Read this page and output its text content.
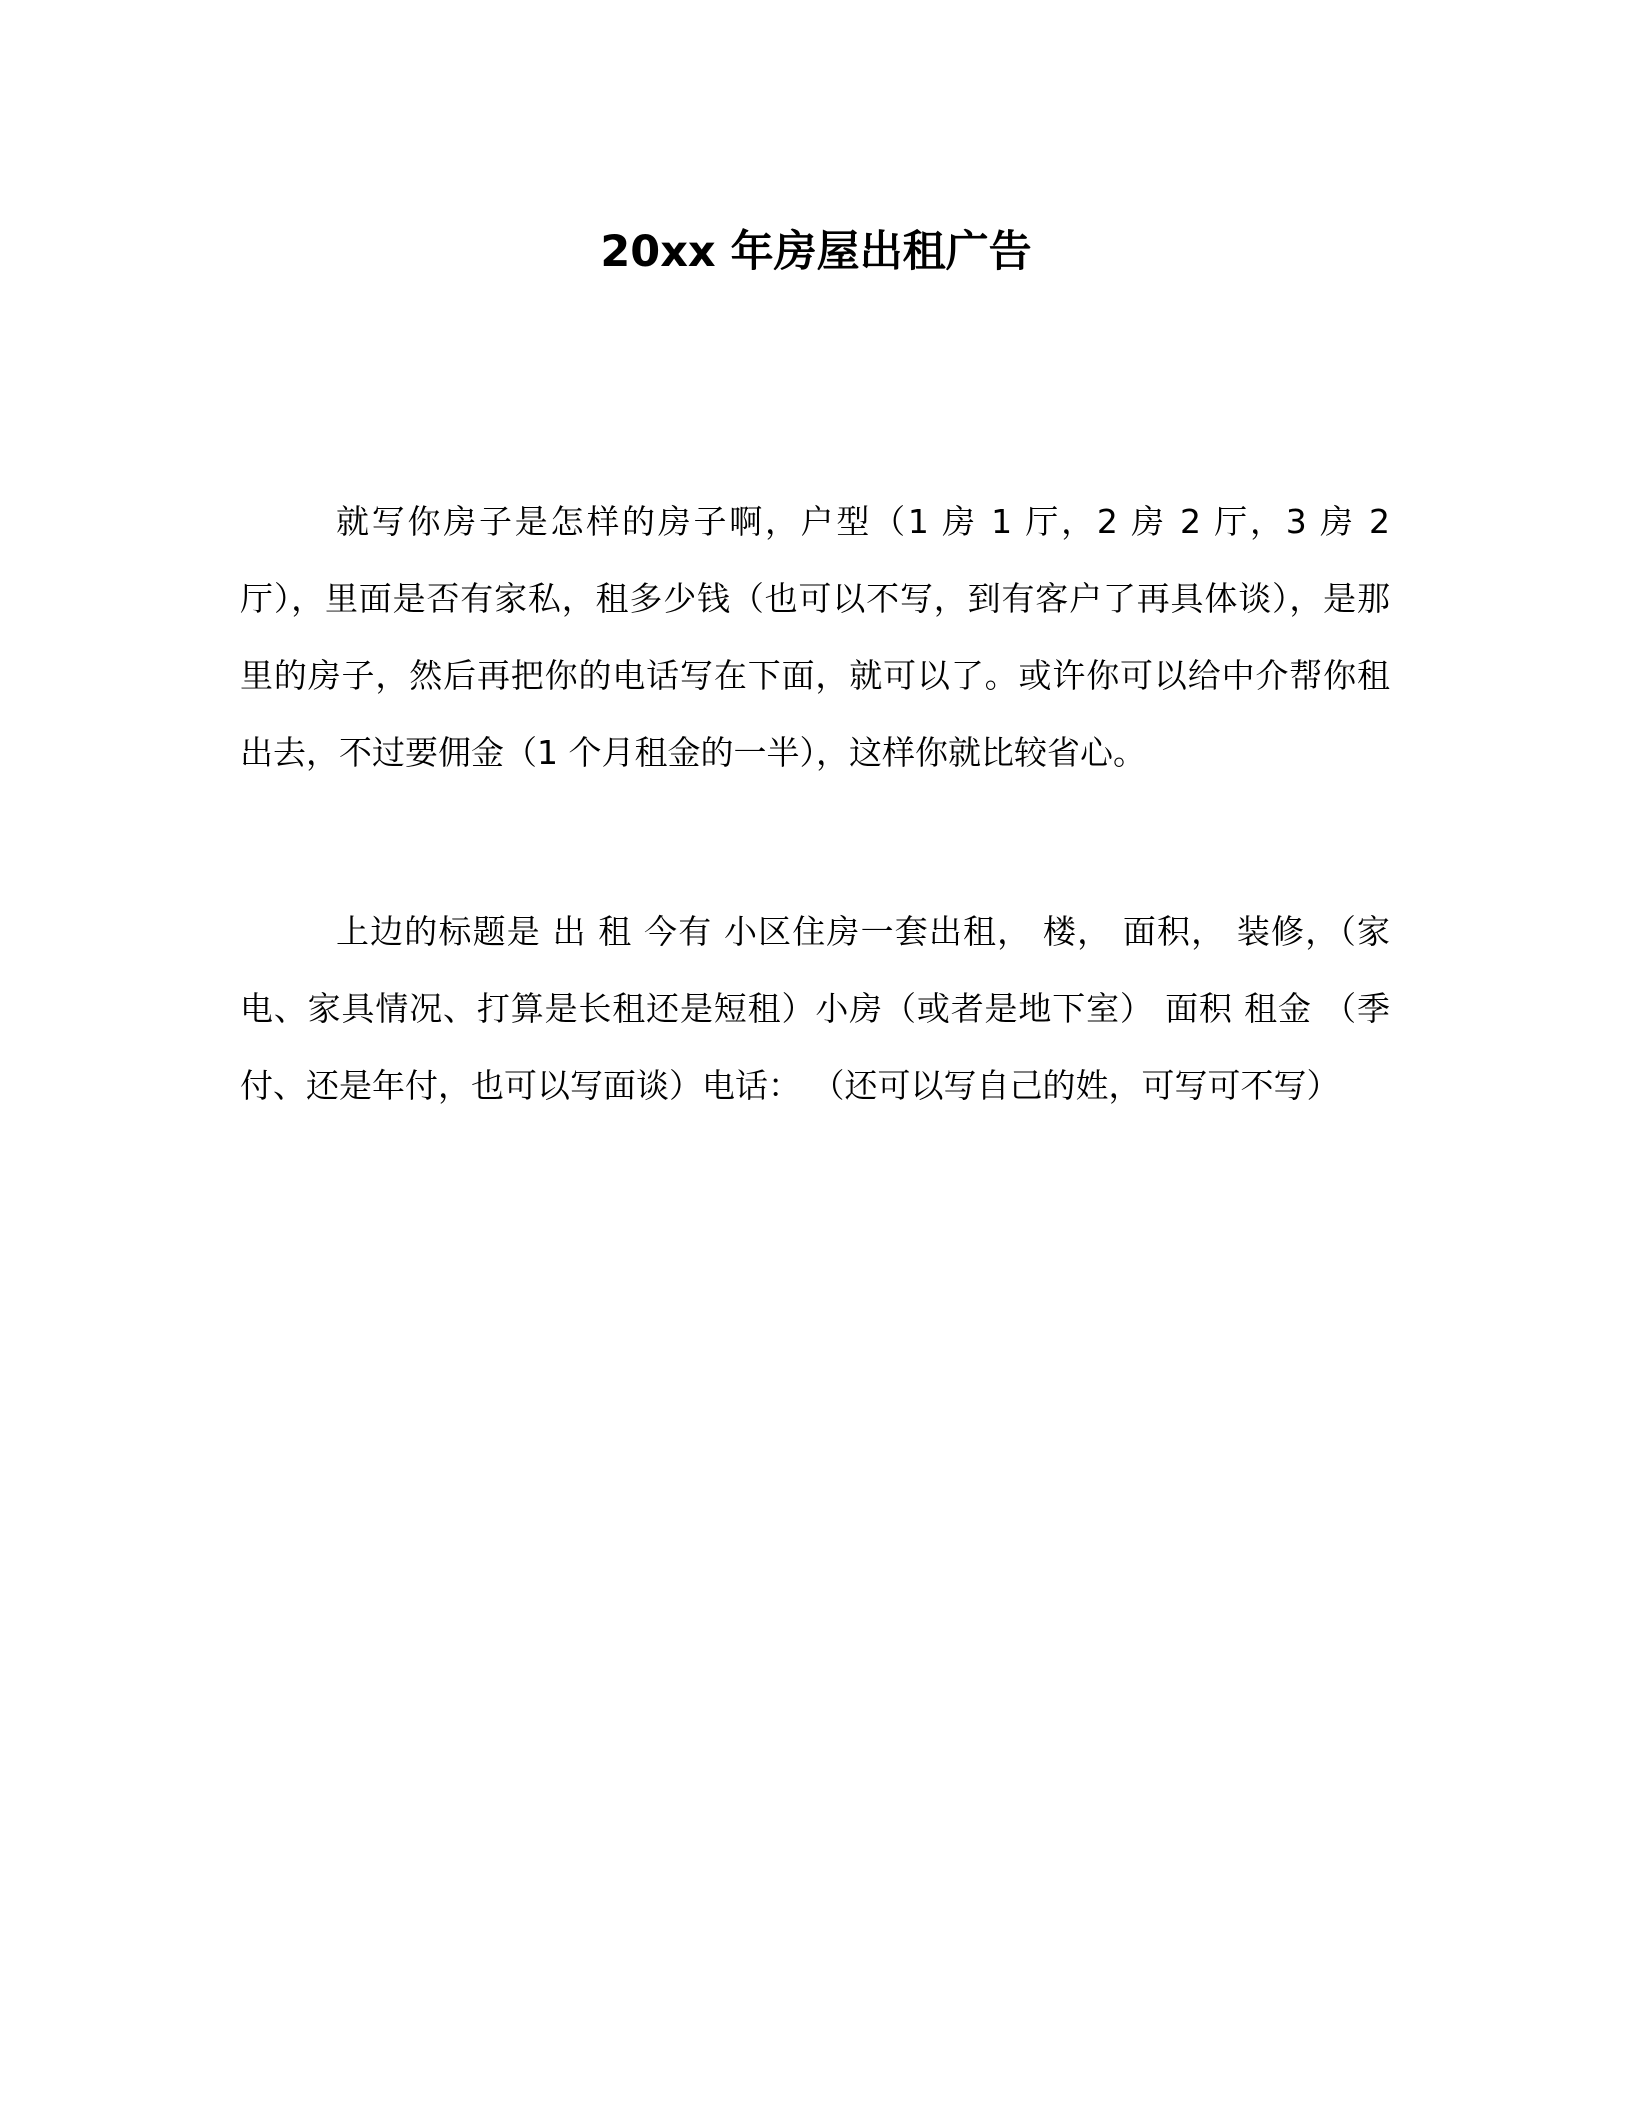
20xx 年房屋出租广告

就写你房子是怎样的房子啊，户型（1 房 1 厅，2 房 2 厅，3 房 2 厅），里面是否有家私，租多少钱（也可以不写，到有客户了再具体谈），是那里的房子，然后再把你的电话写在下面，就可以了。或许你可以给中介帮你租出去，不过要佣金（1 个月租金的一半），这样你就比较省心。

上边的标题是 出 租 今有 小区住房一套出租， 楼， 面积， 装修，（家电、家具情况、打算是长租还是短租）小房（或者是地下室） 面积 租金 （季付、还是年付，也可以写面谈）电话： （还可以写自己的姓，可写可不写）
